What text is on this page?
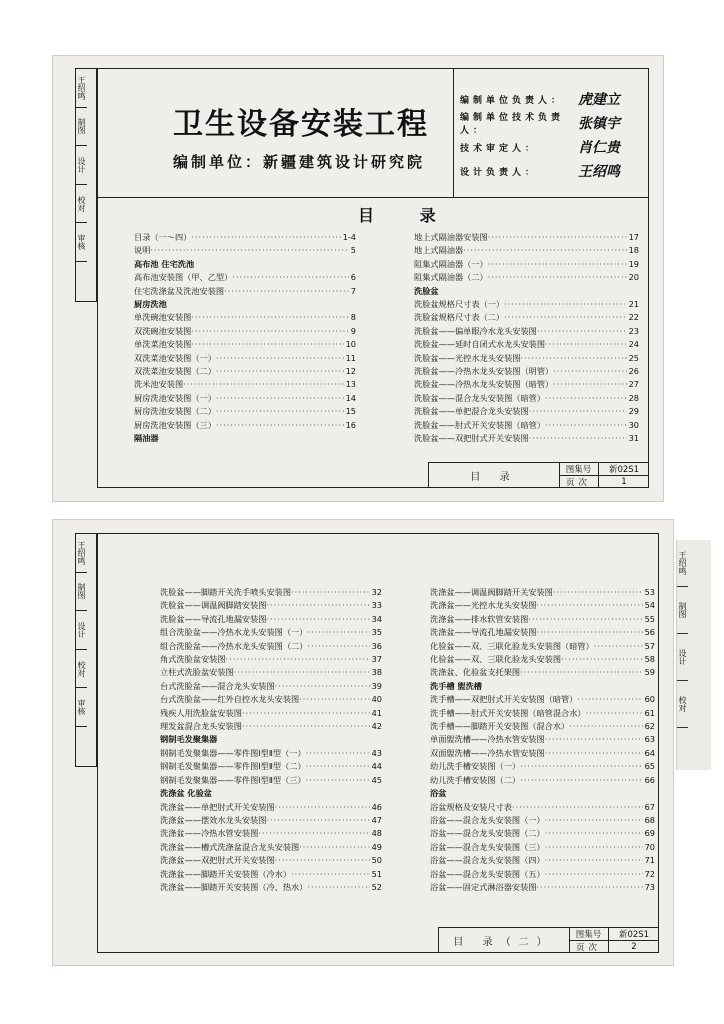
王绍鸣
制图
设计
校对
审核
卫生设备安装工程
编制单位：新疆建筑设计研究院
编制单位负责人： 虎建立
编制单位技术负责人：	张镇宇
技术审定人：	肖仁贵
设计负责人：	王绍鸣
目 录
目录（一～四） ·····	1-4
说明 ·····	5
高布池 住宅洗池
高布池安装图（甲、乙型） ·····	6
住宅洗涤盆及洗池安装图 ·····	7
厨房洗池
单洗碗池安装图 ·····	8
双洗碗池安装图 ·····	9
单洗菜池安装图 ·····	10
双洗菜池安装图（一） ·····	11
双洗菜池安装图（二） ·····	12
洗米池安装图 ·····	13
厨房洗池安装图（一） ·····	14
厨房洗池安装图（二） ·····	15
厨房洗池安装图（三） ·····	16
隔油器
地上式隔油器安装图 ·····	17
地上式隔油器 ·····	18
阻集式隔油器（一） ·····	19
阻集式隔油器（二） ·····	20
洗脸盆
洗脸盆规格尺寸表（一） ·····	21
洗脸盆规格尺寸表（二） ·····	22
洗脸盆——偏单眼冷水龙头安装图 ·····	23
洗脸盆——延时自闭式水龙头安装图 ·····	24
洗脸盆——光控水龙头安装图 ·····	25
洗脸盆——冷热水龙头安装图（明管） ·····	26
洗脸盆——冷热水龙头安装图（暗管） ·····	27
洗脸盆——混合龙头安装图（暗管） ·····	28
洗脸盆——单把混合龙头安装图 ·····	29
洗脸盆——肘式开关安装图（暗管） ·····	30
洗脸盆——双把肘式开关安装图 ·····	31
目 录
图集号	新02S1
页次	1
王绍鸣
制图
设计
校对
审核
洗脸盆——脚踏开关洗手喷头安装图 ·····	32
洗脸盆——调温阀脚踏安装图 ·····	33
洗脸盆——导流孔地漏安装图 ·····	34
组合洗脸盆——冷热水龙头安装图（一） ·····	35
组合洗脸盆——冷热水龙头安装图（二） ·····	36
角式洗脸盆安装图 ·····	37
立柱式洗脸盆安装图 ·····	38
台式洗脸盆——混合龙头安装图 ·····	39
台式洗脸盆——红外自控水龙头安装图 ·····	40
残疾人用洗脸盆安装图 ·····	41
理发盆混合龙头安装图 ·····	42
钢制毛发聚集器
钢制毛发聚集器——零件图Ⅰ型Ⅱ型（一） ·····	43
钢制毛发聚集器——零件图Ⅰ型Ⅱ型（二） ·····	44
钢制毛发聚集器——零件图Ⅰ型Ⅱ型（三） ·····	45
洗涤盆 化验盆
洗涤盆——单把肘式开关安装图 ·····	46
洗涤盆——摆效水龙头安装图 ·····	47
洗涤盆——冷热水管安装图 ·····	48
洗涤盆——槽式洗涤盆混合龙头安装图 ·····	49
洗涤盆——双把肘式开关安装图 ·····	50
洗涤盆——脚踏开关安装图（冷水） ·····	51
洗涤盆——脚踏开关安装图（冷、热水） ·····	52
洗涤盆——调温阀脚踏开关安装图 ·····	53
洗涤盆——光控水龙头安装图 ·····	54
洗涤盆——排水软管安装图 ·····	55
洗涤盆——导流孔地漏安装图 ·····	56
化验盆——双、三联化验龙头安装图（暗管） ·····	57
化验盆——双、三联化验龙头安装图 ·····	58
洗涤盆、化验盆支托架图 ·····	59
洗手槽 盥洗槽
洗手槽——双把肘式开关安装图（暗管） ·····	60
洗手槽——肘式开关安装图（暗管混合水） ·····	61
洗手槽——脚踏开关安装图（混合水） ·····	62
单面盥洗槽——冷热水管安装图 ·····	63
双面盥洗槽——冷热水管安装图 ·····	64
幼儿洗手槽安装图（一） ·····	65
幼儿洗手槽安装图（二） ·····	66
浴盆
浴盆规格及安装尺寸表 ·····	67
浴盆——混合龙头安装图（一） ·····	68
浴盆——混合龙头安装图（二） ·····	69
浴盆——混合龙头安装图（三） ·····	70
浴盆——混合龙头安装图（四） ·····	71
浴盆——混合龙头安装图（五） ·····	72
浴盆——固定式淋浴器安装图 ·····	73
目 录（二）
图集号	新02S1
页次	2
王绍鸣
制图
设计
校对
